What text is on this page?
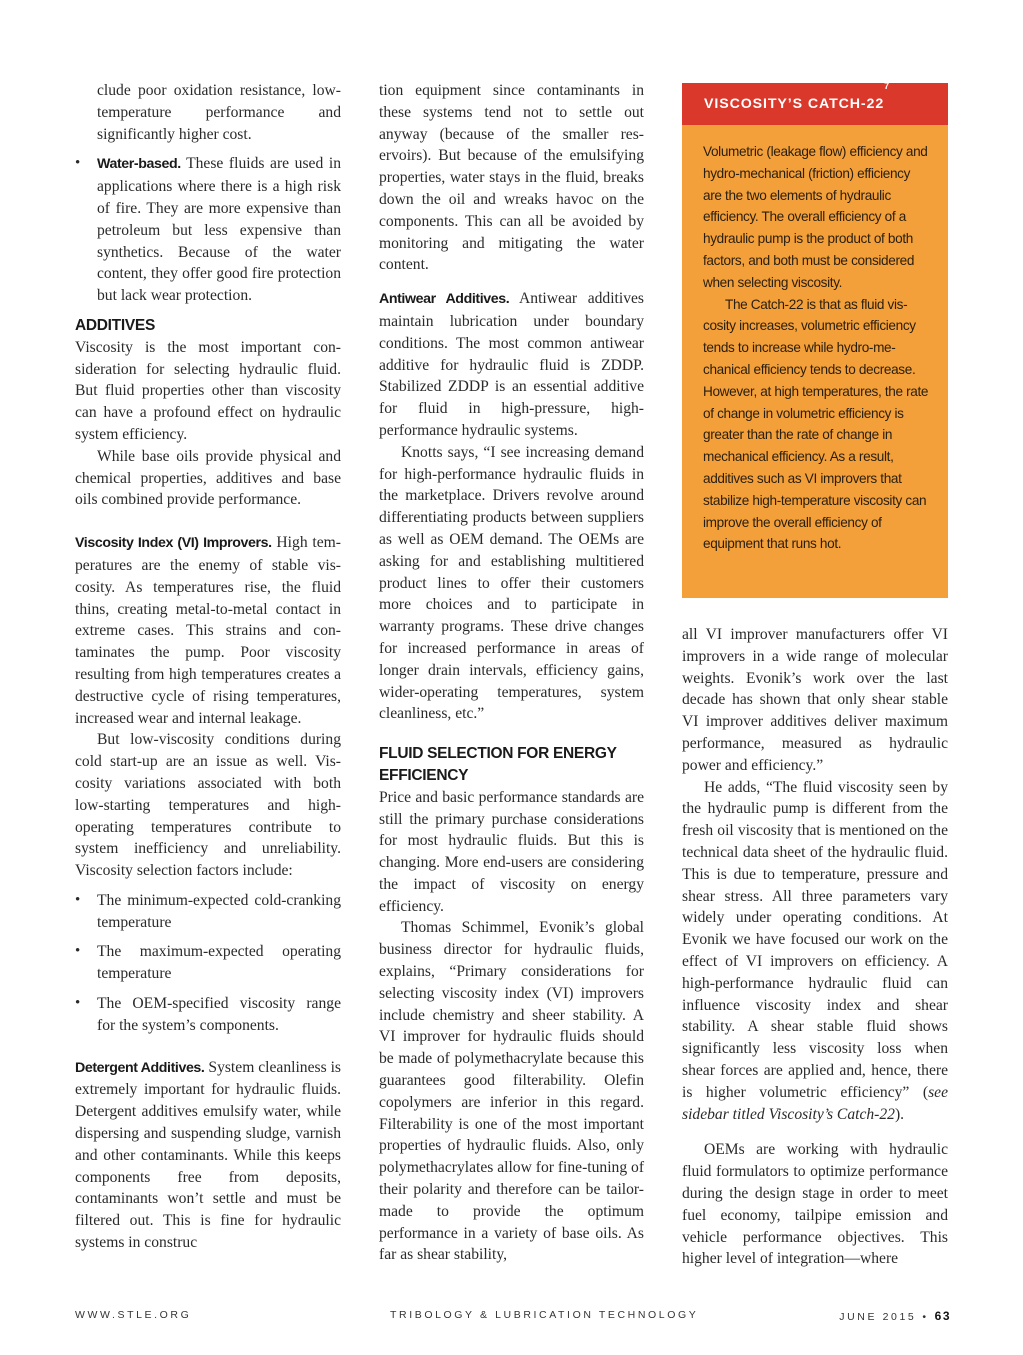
clude poor oxidation resistance, low-temperature performance and significantly higher cost.

• Water-based. These fluids are used in applications where there is a high risk of fire. They are more expensive than petroleum but less expensive than synthetics. Because of the water content, they offer good fire protection but lack wear protection.
ADDITIVES

Viscosity is the most important consideration for selecting hydraulic fluid. But fluid properties other than viscosity can have a profound effect on hydraulic system efficiency.

While base oils provide physical and chemical properties, additives and base oils combined provide performance.

Viscosity Index (VI) Improvers. High temperatures are the enemy of stable viscosity. As temperatures rise, the fluid thins, creating metal-to-metal contact in extreme cases. This strains and contaminates the pump. Poor viscosity resulting from high temperatures creates a destructive cycle of rising temperatures, increased wear and internal leakage.

But low-viscosity conditions during cold start-up are an issue as well. Viscosity variations associated with both low-starting temperatures and high-operating temperatures contribute to system inefficiency and unreliability. Viscosity selection factors include:

• The minimum-expected cold-cranking temperature
• The maximum-expected operating temperature
• The OEM-specified viscosity range for the system’s components.

Detergent Additives. System cleanliness is extremely important for hydraulic fluids. Detergent additives emulsify water, while dispersing and suspending sludge, varnish and other contaminants. While this keeps components free from deposits, contaminants won’t settle and must be filtered out. This is fine for hydraulic systems in construc

tion equipment since contaminants in these systems tend not to settle out anyway (because of the smaller reservoirs). But because of the emulsifying properties, water stays in the fluid, breaks down the oil and wreaks havoc on the components. This can all be avoided by monitoring and mitigating the water content.

Antiwear Additives. Antiwear additives maintain lubrication under boundary conditions. The most common antiwear additive for hydraulic fluid is ZDDP. Stabilized ZDDP is an essential additive for fluid in high-pressure, high-performance hydraulic systems.

Knotts says, “I see increasing demand for high-performance hydraulic fluids in the marketplace. Drivers revolve around differentiating products between suppliers as well as OEM demand. The OEMs are asking for and establishing multitiered product lines to offer their customers more choices and to participate in warranty programs. These drive changes for increased performance in areas of longer drain intervals, efficiency gains, wider-operating temperatures, system cleanliness, etc.”

FLUID SELECTION FOR ENERGY EFFICIENCY

Price and basic performance standards are still the primary purchase considerations for most hydraulic fluids. But this is changing. More end-users are considering the impact of viscosity on energy efficiency.

Thomas Schimmel, Evonik’s global business director for hydraulic fluids, explains, “Primary considerations for selecting viscosity index (VI) improvers include chemistry and sheer stability. A VI improver for hydraulic fluids should be made of polymethacrylate because this guarantees good filterability. Olefin copolymers are inferior in this regard. Filterability is one of the most important properties of hydraulic fluids. Also, only polymethacrylates allow for fine-tuning of their polarity and therefore can be tailor-made to provide the optimum performance in a variety of base oils. As far as shear stability,

VISCOSITY’S CATCH-$22^7$

Volumetric (leakage flow) efficiency and hydro-mechanical (friction) efficiency are the two elements of hydraulic efficiency. The overall efficiency of a hydraulic pump is the product of both factors, and both must be considered when selecting viscosity.

The Catch-22 is that as fluid viscosity increases, volumetric efficiency tends to increase while hydro-mechanical efficiency tends to decrease. However, at high temperatures, the rate of change in volumetric efficiency is greater than the rate of change in mechanical efficiency. As a result, additives such as VI improvers that stabilize high-temperature viscosity can improve the overall efficiency of equipment that runs hot.

all VI improver manufacturers offer VI improvers in a wide range of molecular weights. Evonik’s work over the last decade has shown that only shear stable VI improver additives deliver maximum performance, measured as hydraulic power and efficiency.”

He adds, “The fluid viscosity seen by the hydraulic pump is different from the fresh oil viscosity that is mentioned on the technical data sheet of the hydraulic fluid. This is due to temperature, pressure and shear stress. All three parameters vary widely under operating conditions. At Evonik we have focused our work on the effect of VI improvers on efficiency. A high-performance hydraulic fluid can influence viscosity index and shear stability. A shear stable fluid shows significantly less viscosity loss when shear forces are applied and, hence, there is higher volumetric efficiency” (see sidebar titled Viscosity’s Catch-22).

OEMs are working with hydraulic fluid formulators to optimize performance during the design stage in order to meet fuel economy, tailpipe emission and vehicle performance objectives. This higher level of integration—where

WWW.STLE.ORG	TRIBOLOGY & LUBRICATION TECHNOLOGY	JUNE 2015 • 63
